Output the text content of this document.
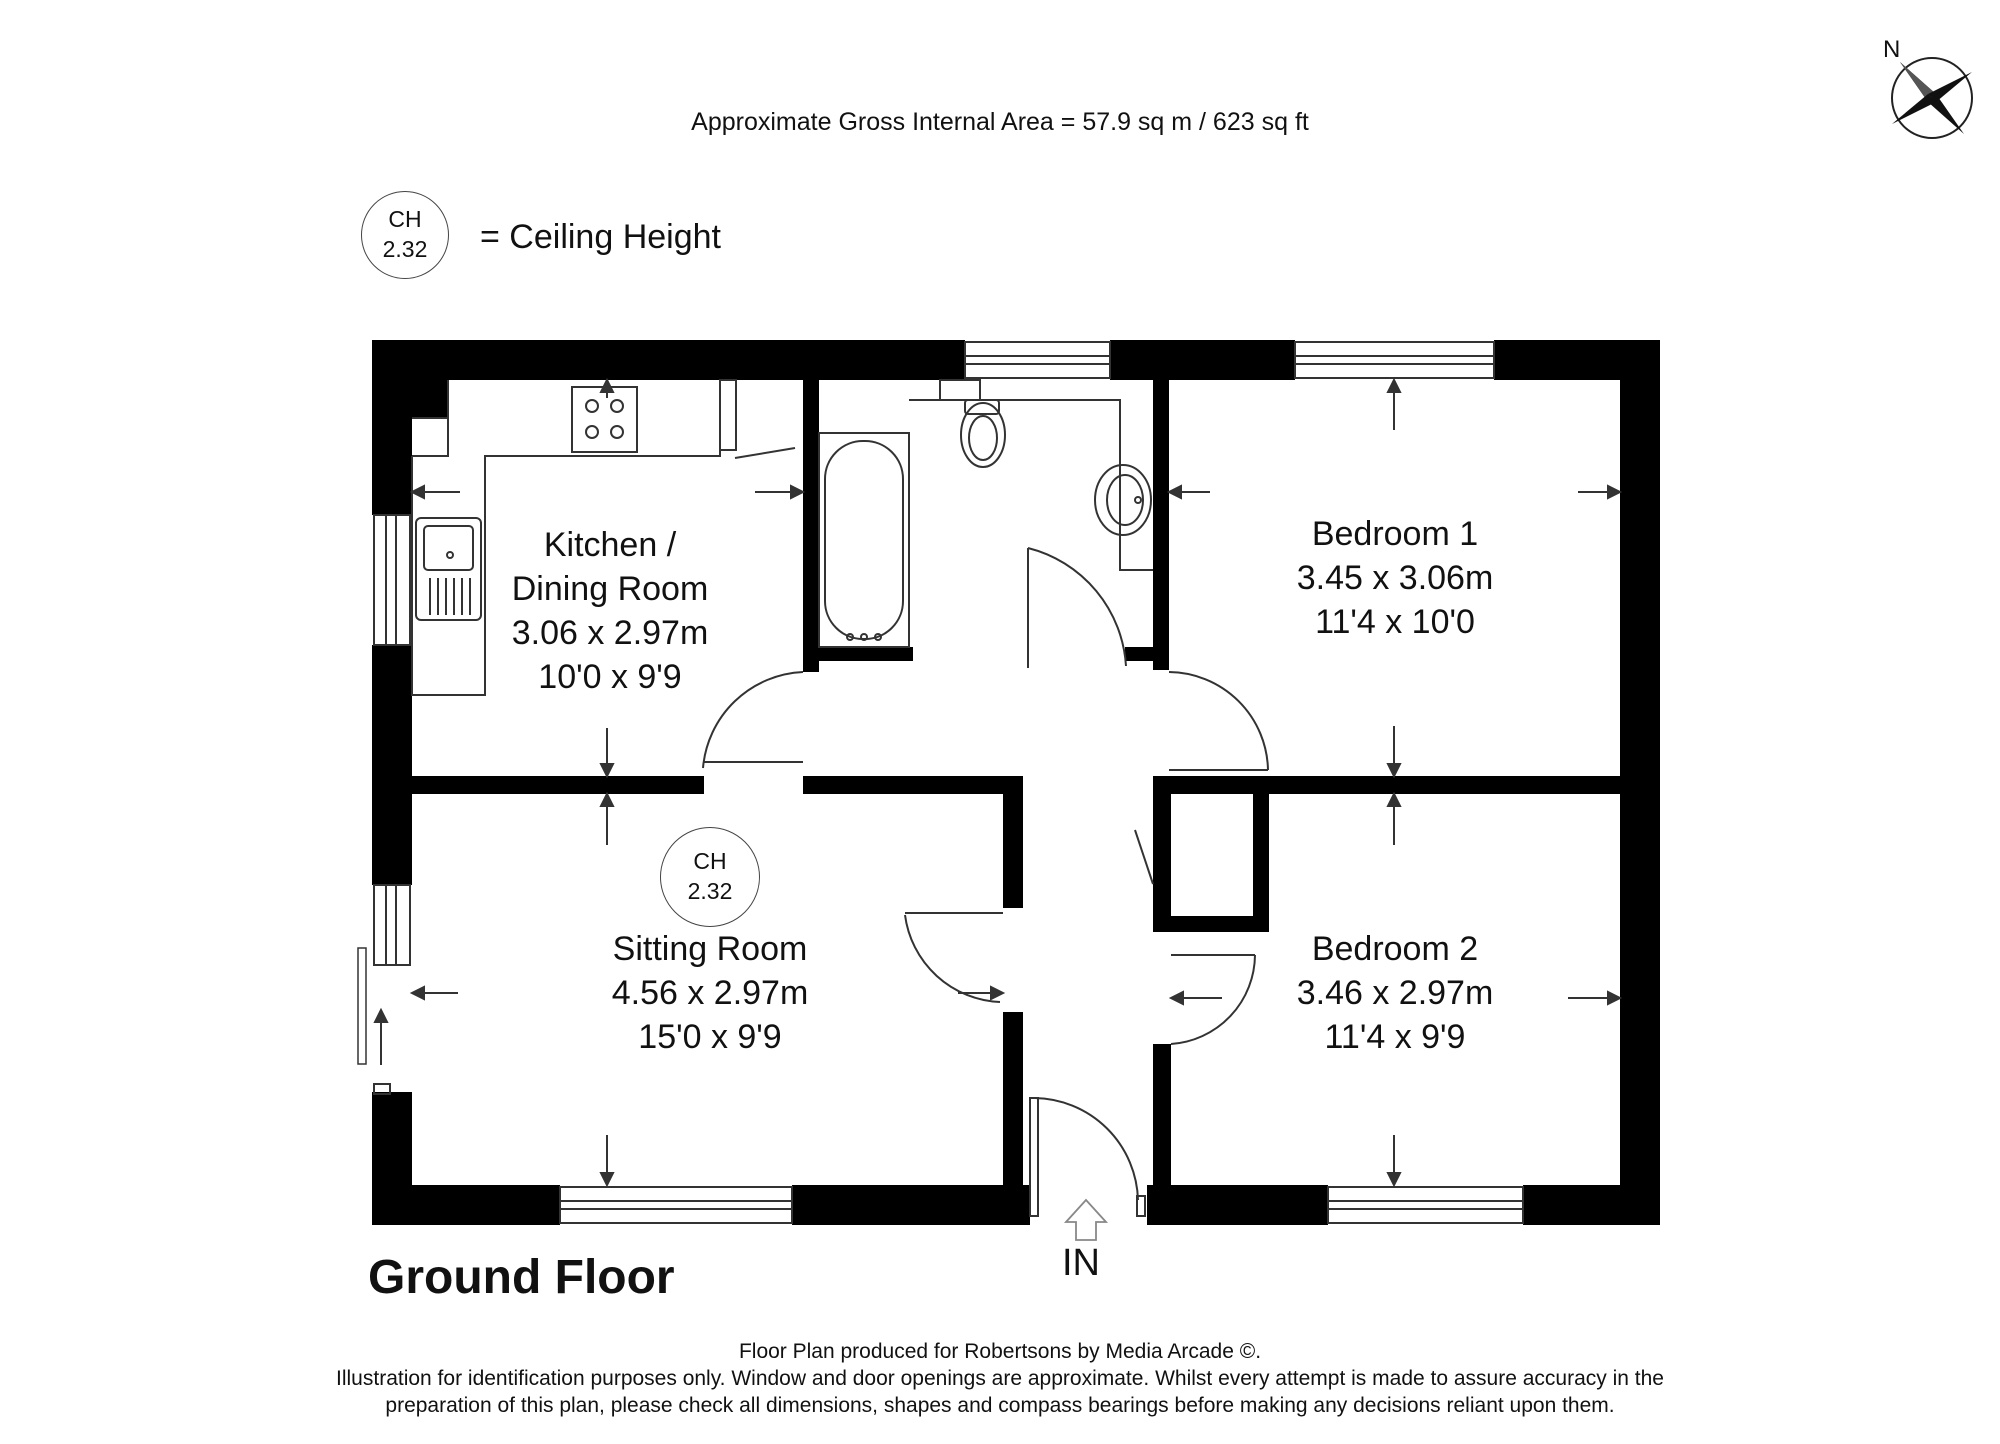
Approximate Gross Internal Area = 57.9 sq m / 623 sq ft
N
CH
2.32	= Ceiling Height
Kitchen /
Dining Room
3.06 x 2.97m
10'0 x 9'9
Bedroom 1
3.45 x 3.06m
11'4 x 10'0
CH
2.32
Sitting Room
4.56 x 2.97m
15'0 x 9'9
Bedroom 2
3.46 x 2.97m
11'4 x 9'9
IN
Ground Floor
Floor Plan produced for Robertsons by Media Arcade ©.
Illustration for identification purposes only. Window and door openings are approximate. Whilst every attempt is made to assure accuracy in the
preparation of this plan, please check all dimensions, shapes and compass bearings before making any decisions reliant upon them.
